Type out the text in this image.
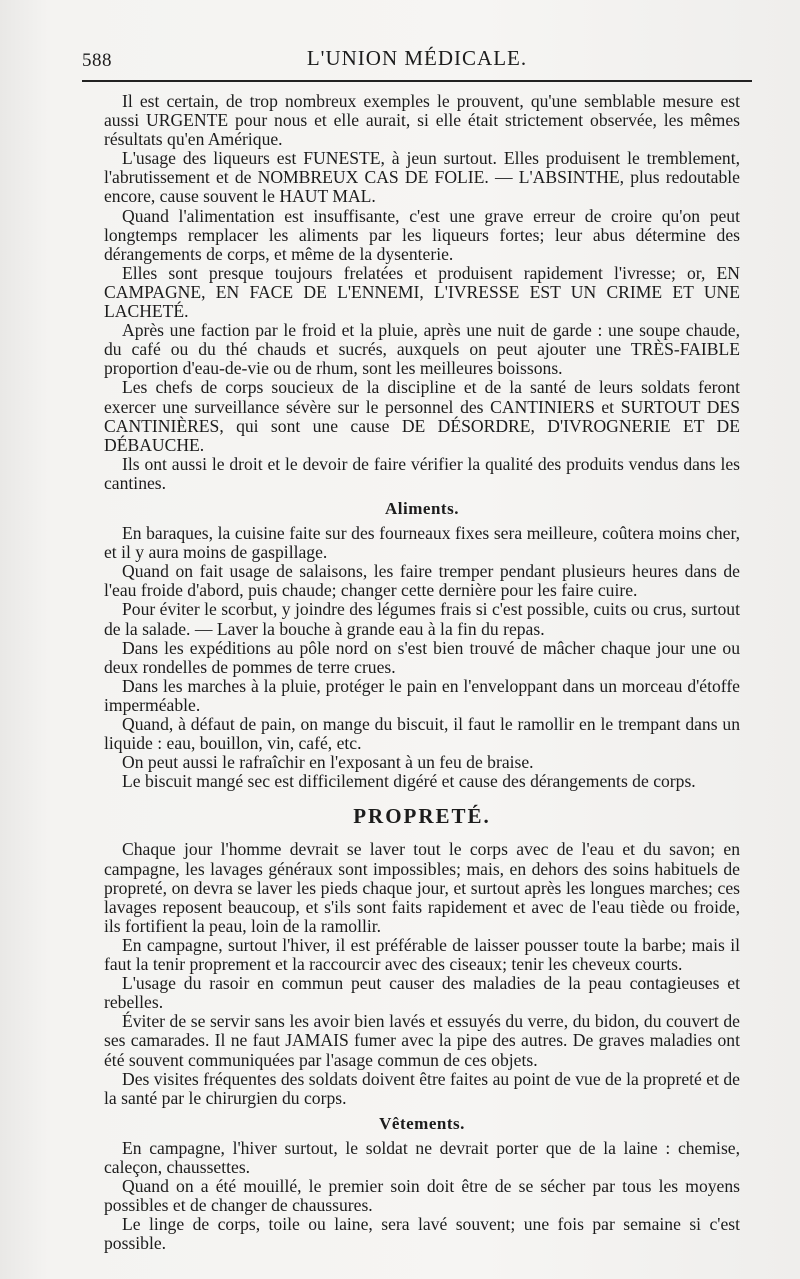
588	L'UNION MÉDICALE.

Il est certain, de trop nombreux exemples le prouvent, qu'une semblable mesure est aussi URGENTE pour nous et elle aurait, si elle était strictement observée, les mêmes résultats qu'en Amérique.

L'usage des liqueurs est FUNESTE, à jeun surtout. Elles produisent le tremblement, l'abrutissement et de NOMBREUX CAS DE FOLIE. — L'ABSINTHE, plus redoutable encore, cause souvent le HAUT MAL.

Quand l'alimentation est insuffisante, c'est une grave erreur de croire qu'on peut longtemps remplacer les aliments par les liqueurs fortes; leur abus détermine des dérangements de corps, et même de la dysenterie.

Elles sont presque toujours frelatées et produisent rapidement l'ivresse; or, EN CAMPAGNE, EN FACE DE L'ENNEMI, L'IVRESSE EST UN CRIME ET UNE LACHETÉ.

Après une faction par le froid et la pluie, après une nuit de garde : une soupe chaude, du café ou du thé chauds et sucrés, auxquels on peut ajouter une TRÈS-FAIBLE proportion d'eau-de-vie ou de rhum, sont les meilleures boissons.

Les chefs de corps soucieux de la discipline et de la santé de leurs soldats feront exercer une surveillance sévère sur le personnel des CANTINIERS et SURTOUT DES CANTINIÈRES, qui sont une cause DE DÉSORDRE, D'IVROGNERIE ET DE DÉBAUCHE.

Ils ont aussi le droit et le devoir de faire vérifier la qualité des produits vendus dans les cantines.

Aliments.

En baraques, la cuisine faite sur des fourneaux fixes sera meilleure, coûtera moins cher, et il y aura moins de gaspillage.

Quand on fait usage de salaisons, les faire tremper pendant plusieurs heures dans de l'eau froide d'abord, puis chaude; changer cette dernière pour les faire cuire.

Pour éviter le scorbut, y joindre des légumes frais si c'est possible, cuits ou crus, surtout de la salade. — Laver la bouche à grande eau à la fin du repas.

Dans les expéditions au pôle nord on s'est bien trouvé de mâcher chaque jour une ou deux rondelles de pommes de terre crues.

Dans les marches à la pluie, protéger le pain en l'enveloppant dans un morceau d'étoffe imperméable.

Quand, à défaut de pain, on mange du biscuit, il faut le ramollir en le trempant dans un liquide : eau, bouillon, vin, café, etc.

On peut aussi le rafraîchir en l'exposant à un feu de braise.

Le biscuit mangé sec est difficilement digéré et cause des dérangements de corps.

PROPRETÉ.

Chaque jour l'homme devrait se laver tout le corps avec de l'eau et du savon; en campagne, les lavages généraux sont impossibles; mais, en dehors des soins habituels de propreté, on devra se laver les pieds chaque jour, et surtout après les longues marches; ces lavages reposent beaucoup, et s'ils sont faits rapidement et avec de l'eau tiède ou froide, ils fortifient la peau, loin de la ramollir.

En campagne, surtout l'hiver, il est préférable de laisser pousser toute la barbe; mais il faut la tenir proprement et la raccourcir avec des ciseaux; tenir les cheveux courts.

L'usage du rasoir en commun peut causer des maladies de la peau contagieuses et rebelles.

Éviter de se servir sans les avoir bien lavés et essuyés du verre, du bidon, du couvert de ses camarades. Il ne faut JAMAIS fumer avec la pipe des autres. De graves maladies ont été souvent communiquées par l'asage commun de ces objets.

Des visites fréquentes des soldats doivent être faites au point de vue de la propreté et de la santé par le chirurgien du corps.

Vêtements.

En campagne, l'hiver surtout, le soldat ne devrait porter que de la laine : chemise, caleçon, chaussettes.

Quand on a été mouillé, le premier soin doit être de se sécher par tous les moyens possibles et de changer de chaussures.

Le linge de corps, toile ou laine, sera lavé souvent; une fois par semaine si c'est possible.
